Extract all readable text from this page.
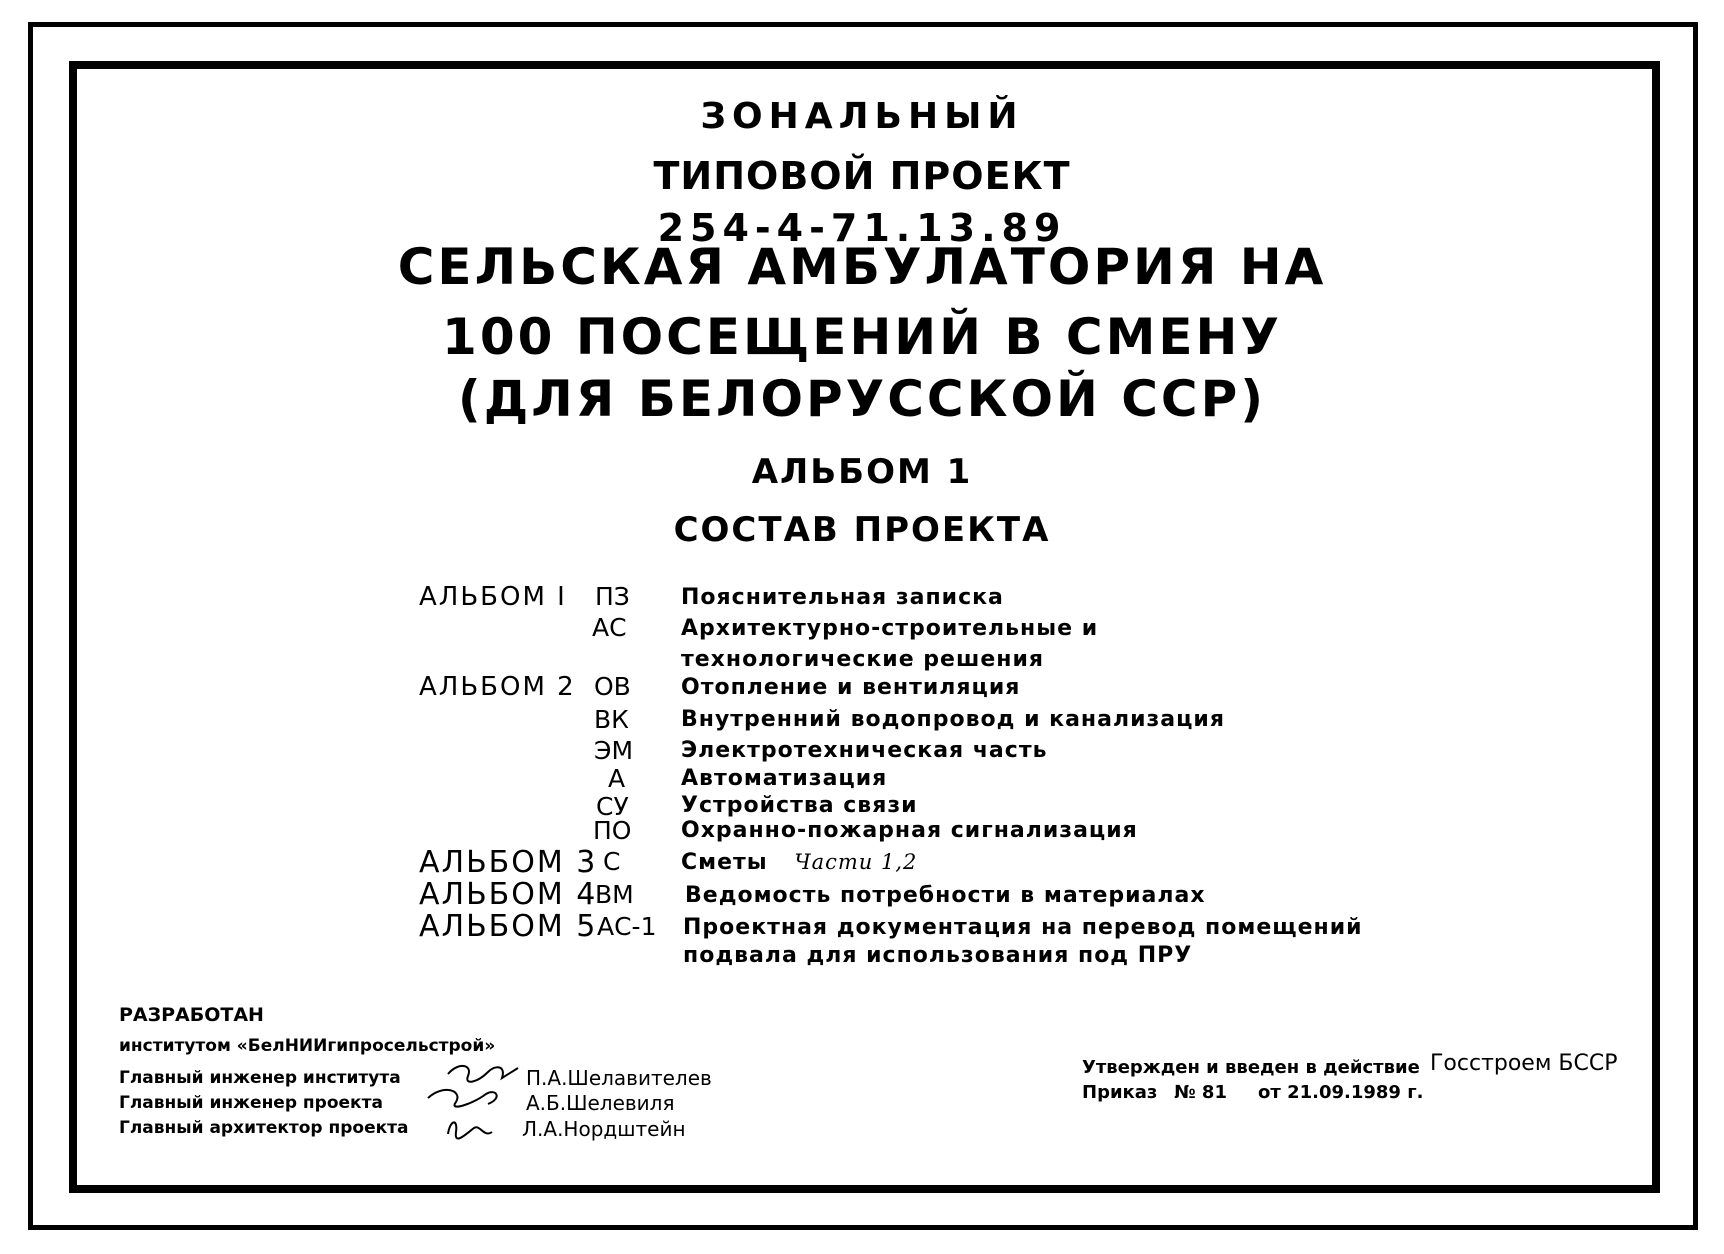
ЗОНАЛЬНЫЙ
ТИПОВОЙ ПРОЕКТ
254-4-71.13.89
СЕЛЬСКАЯ АМБУЛАТОРИЯ НА
100 ПОСЕЩЕНИЙ В СМЕНУ
(ДЛЯ БЕЛОРУССКОЙ ССР)
АЛЬБОМ 1
СОСТАВ ПРОЕКТА
АЛЬБОМ I ПЗ Пояснительная записка
АС Архитектурно-строительные и
технологические решения
АЛЬБОМ 2 ОВ Отопление и вентиляция
ВК Внутренний водопровод и канализация
ЭМ Электротехническая часть
А	Автоматизация
СУ Устройства связи
ПО Охранно-пожарная сигнализация
АЛЬБОМ 3 С	Сметы Части 1,2
АЛЬБОМ 4
ВМ Ведомость потребности в материалах
АЛЬБОМ 5 АС-1 Проектная документация на перевод помещений
подвала для использования под ПРУ
РАЗРАБОТАН
институтом «БелНИИгипросельстрой»
Главный инженер института
Главный инженер проекта
Главный архитектор проекта
П.А.Шелавителев
А.Б.Шелевиля
Л.А.Нордштейн
Утвержден и введен в действие Госстроем БССР
Приказ № 81 от 21.09.1989 г.
